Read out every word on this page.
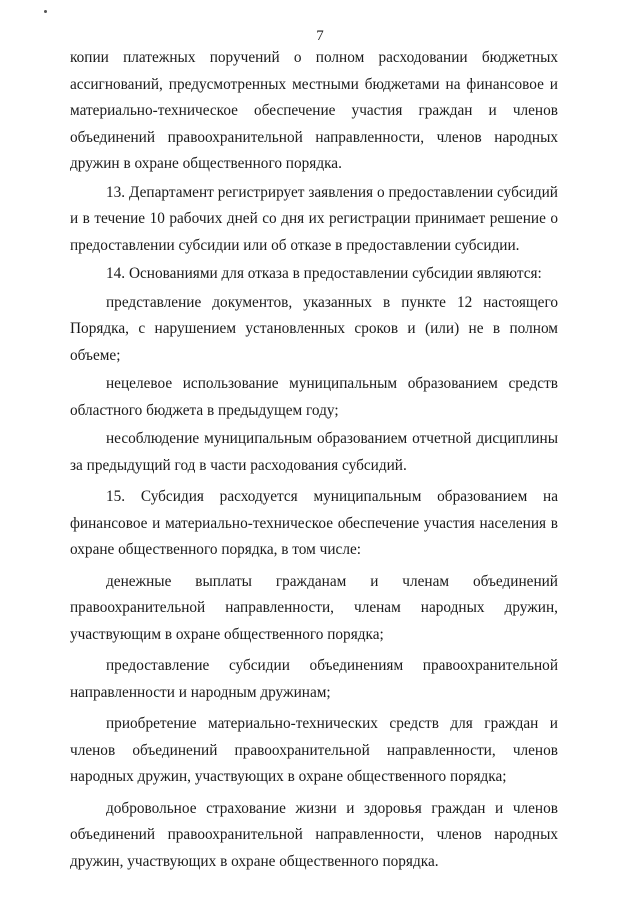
7

копии платежных поручений о полном расходовании бюджетных ассигнований, предусмотренных местными бюджетами на финансовое и материально-техническое обеспечение участия граждан и членов объединений правоохранительной направленности, членов народных дружин в охране общественного порядка.

13. Департамент регистрирует заявления о предоставлении субсидий и в течение 10 рабочих дней со дня их регистрации принимает решение о предоставлении субсидии или об отказе в предоставлении субсидии.

14. Основаниями для отказа в предоставлении субсидии являются:

представление документов, указанных в пункте 12 настоящего Порядка, с нарушением установленных сроков и (или) не в полном объеме;

нецелевое использование муниципальным образованием средств областного бюджета в предыдущем году;

несоблюдение муниципальным образованием отчетной дисциплины за предыдущий год в части расходования субсидий.

15. Субсидия расходуется муниципальным образованием на финансовое и материально-техническое обеспечение участия населения в охране общественного порядка, в том числе:

денежные выплаты гражданам и членам объединений правоохранительной направленности, членам народных дружин, участвующим в охране общественного порядка;

предоставление субсидии объединениям правоохранительной направленности и народным дружинам;

приобретение материально-технических средств для граждан и членов объединений правоохранительной направленности, членов народных дружин, участвующих в охране общественного порядка;

добровольное страхование жизни и здоровья граждан и членов объединений правоохранительной направленности, членов народных дружин, участвующих в охране общественного порядка.
